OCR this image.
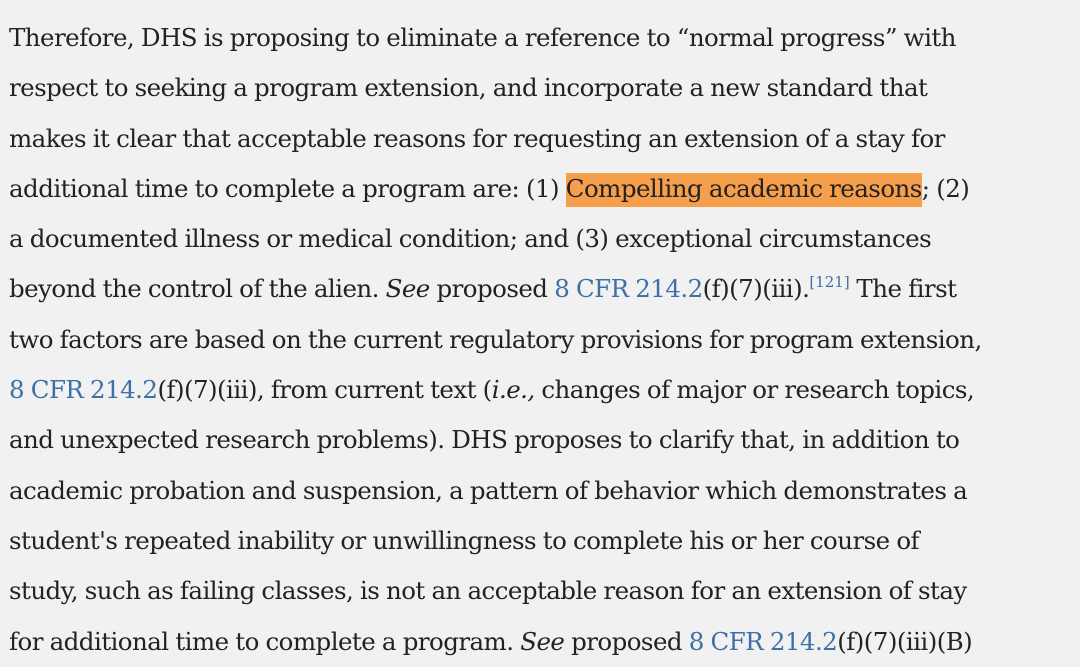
Therefore, DHS is proposing to eliminate a reference to “normal progress” with
respect to seeking a program extension, and incorporate a new standard that
makes it clear that acceptable reasons for requesting an extension of a stay for
additional time to complete a program are: (1) Compelling academic reasons; (2)
a documented illness or medical condition; and (3) exceptional circumstances
beyond the control of the alien. See proposed 8 CFR 214.2(f)(7)(iii).[121] The first
two factors are based on the current regulatory provisions for program extension,
8 CFR 214.2(f)(7)(iii), from current text (i.e., changes of major or research topics,
and unexpected research problems). DHS proposes to clarify that, in addition to
academic probation and suspension, a pattern of behavior which demonstrates a
student's repeated inability or unwillingness to complete his or her course of
study, such as failing classes, is not an acceptable reason for an extension of stay
for additional time to complete a program. See proposed 8 CFR 214.2(f)(7)(iii)(B)
